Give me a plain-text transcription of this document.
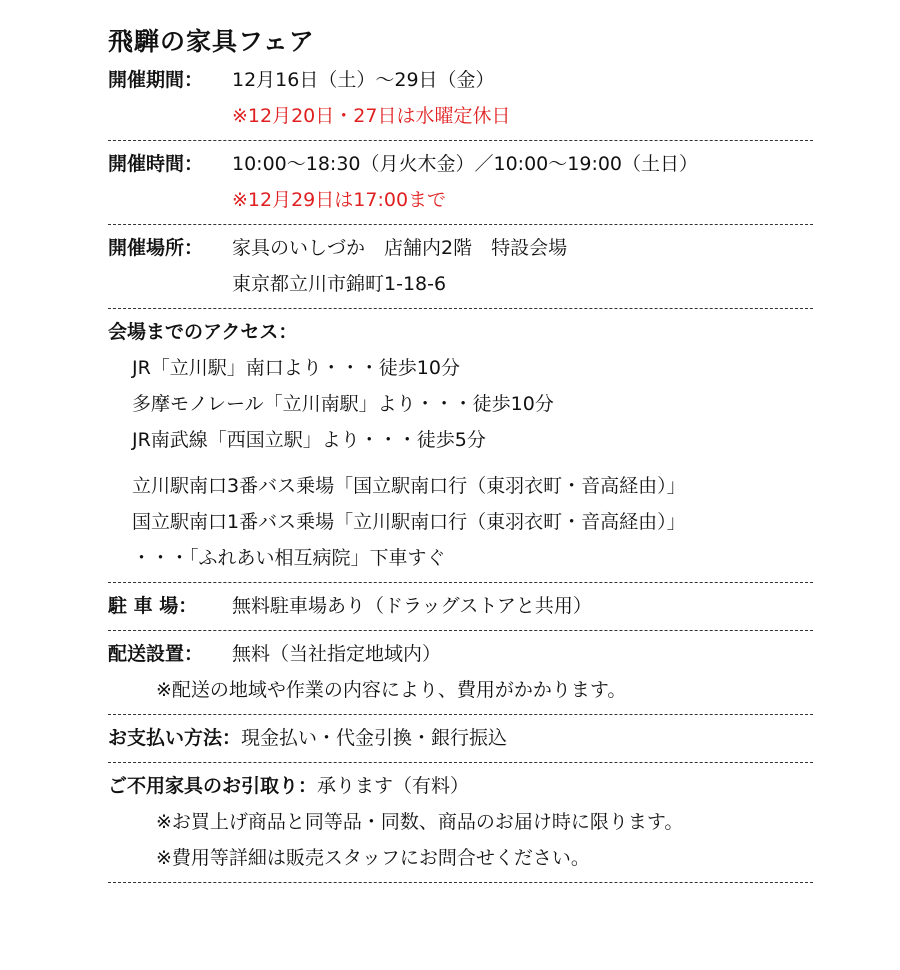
飛騨の家具フェア
開催期間：	12月16日（土）～29日（金）
※12月20日・27日は水曜定休日
開催時間：	10:00～18:30（月火木金）／10:00～19:00（土日）
※12月29日は17:00まで
開催場所：	家具のいしづか　店舗内2階　特設会場
東京都立川市錦町1-18-6
会場までのアクセス：
JR「立川駅」南口より・・・徒歩10分
多摩モノレール「立川南駅」より・・・徒歩10分
JR南武線「西国立駅」より・・・徒歩5分
立川駅南口3番バス乗場「国立駅南口行（東羽衣町・音高経由）」
国立駅南口1番バス乗場「立川駅南口行（東羽衣町・音高経由）」
・・・「ふれあい相互病院」下車すぐ
駐 車 場：	無料駐車場あり（ドラッグストアと共用）
配送設置：	無料（当社指定地域内）
※配送の地域や作業の内容により、費用がかかります。
お支払い方法： 現金払い・代金引換・銀行振込
ご不用家具のお引取り： 承ります（有料）
※お買上げ商品と同等品・同数、商品のお届け時に限ります。
※費用等詳細は販売スタッフにお問合せください。
